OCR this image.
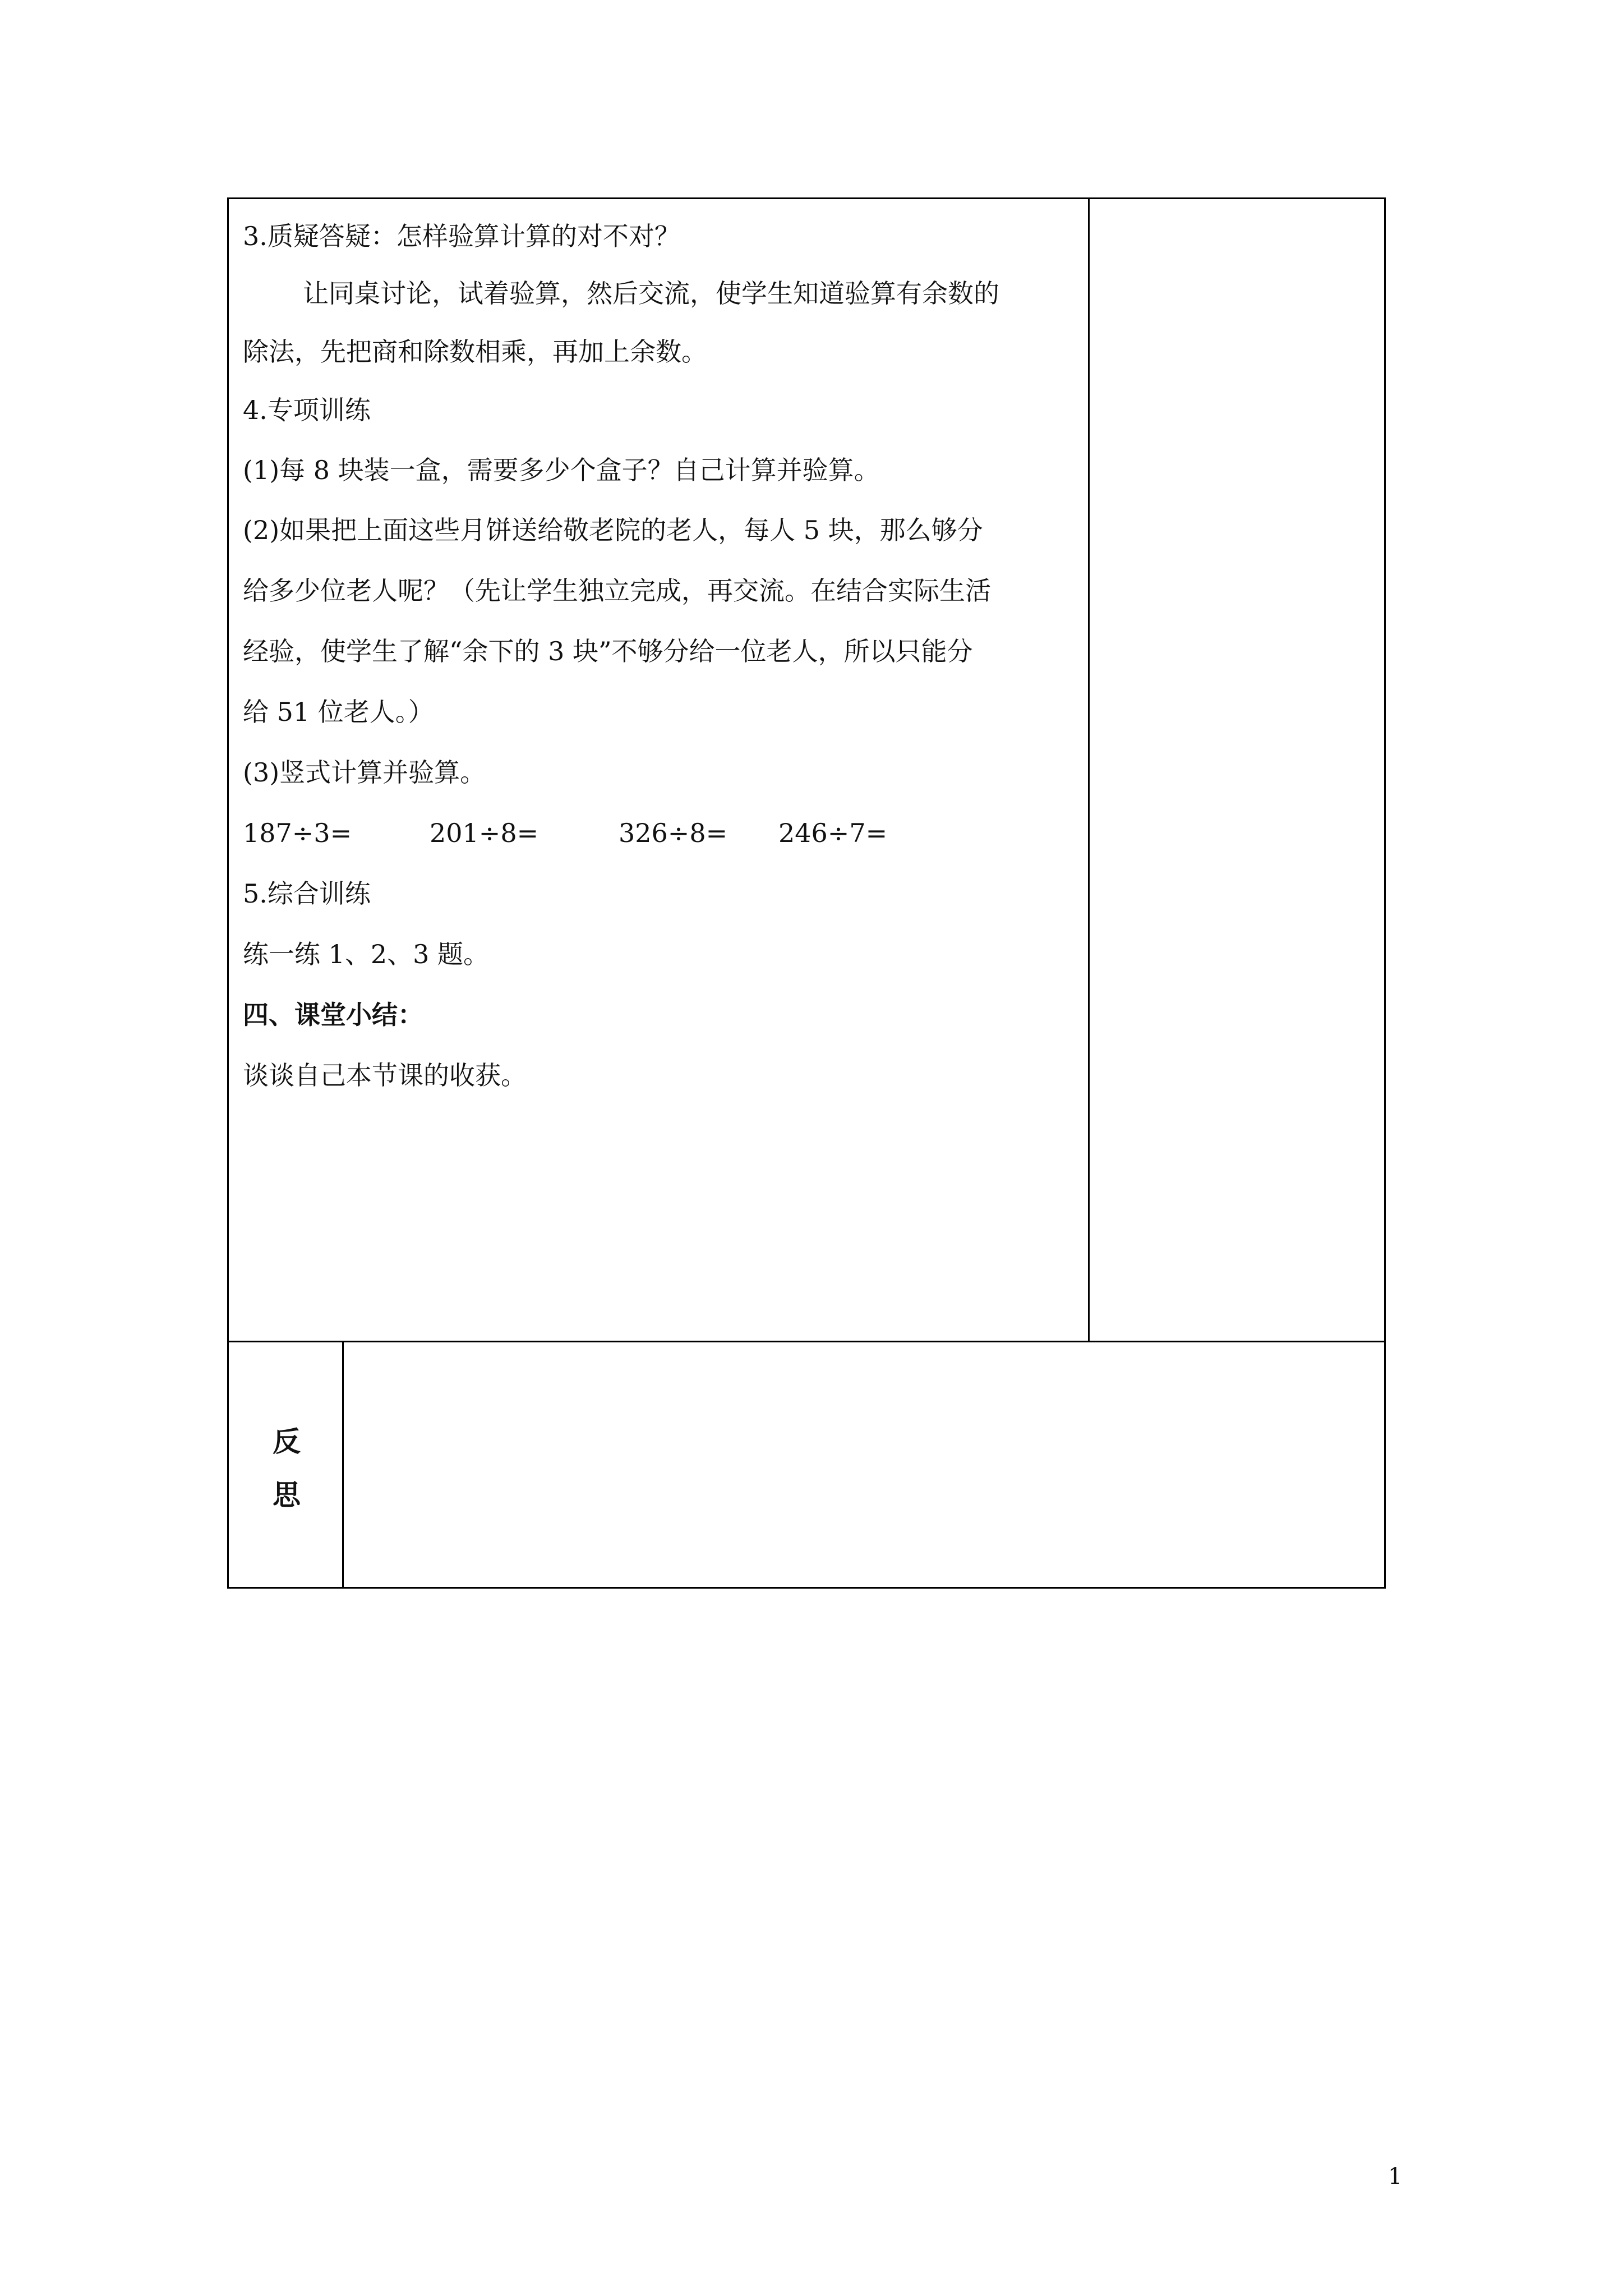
3.质疑答疑：怎样验算计算的对不对？
让同桌讨论，试着验算，然后交流，使学生知道验算有余数的
除法，先把商和除数相乘，再加上余数。
4.专项训练
(1)每 8 块装一盒，需要多少个盒子？自己计算并验算。
(2)如果把上面这些月饼送给敬老院的老人，每人 5 块，那么够分
给多少位老人呢？（先让学生独立完成，再交流。在结合实际生活
经验，使学生了解“余下的 3 块”不够分给一位老人，所以只能分
给 51 位老人。）
(3)竖式计算并验算。
187÷3=	201÷8=	326÷8= 246÷7=
5.综合训练
练一练 1、2、3 题。
四、课堂小结：
谈谈自己本节课的收获。
反
思
1
